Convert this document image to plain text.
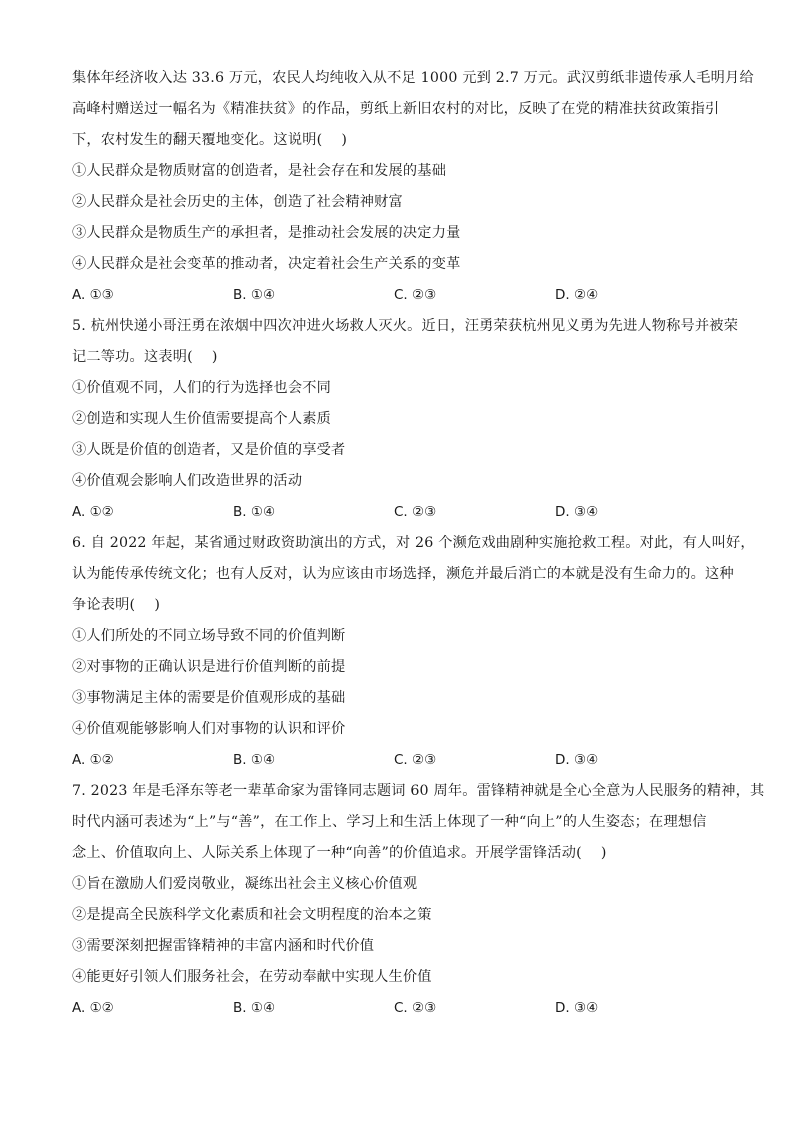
集体年经济收入达 33.6 万元，农民人均纯收入从不足 1000 元到 2.7 万元。武汉剪纸非遗传承人毛明月给

高峰村赠送过一幅名为《精准扶贫》的作品，剪纸上新旧农村的对比，反映了在党的精准扶贫政策指引

下，农村发生的翻天覆地变化。这说明(　 )

①人民群众是物质财富的创造者，是社会存在和发展的基础

②人民群众是社会历史的主体，创造了社会精神财富

③人民群众是物质生产的承担者，是推动社会发展的决定力量

④人民群众是社会变革的推动者，决定着社会生产关系的变革

A. ①③	B. ①④	C. ②③	D. ②④

5. 杭州快递小哥汪勇在浓烟中四次冲进火场救人灭火。近日，汪勇荣获杭州见义勇为先进人物称号并被荣

记二等功。这表明(　 )

①价值观不同，人们的行为选择也会不同

②创造和实现人生价值需要提高个人素质

③人既是价值的创造者，又是价值的享受者

④价值观会影响人们改造世界的活动

A. ①②	B. ①④	C. ②③	D. ③④

6. 自 2022 年起，某省通过财政资助演出的方式，对 26 个濒危戏曲剧种实施抢救工程。对此，有人叫好，

认为能传承传统文化；也有人反对，认为应该由市场选择，濒危并最后消亡的本就是没有生命力的。这种

争论表明(　 )

①人们所处的不同立场导致不同的价值判断

②对事物的正确认识是进行价值判断的前提

③事物满足主体的需要是价值观形成的基础

④价值观能够影响人们对事物的认识和评价

A. ①②	B. ①④	C. ②③	D. ③④

7. 2023 年是毛泽东等老一辈革命家为雷锋同志题词 60 周年。雷锋精神就是全心全意为人民服务的精神，其

时代内涵可表述为“上”与“善”，在工作上、学习上和生活上体现了一种“向上”的人生姿态；在理想信

念上、价值取向上、人际关系上体现了一种“向善”的价值追求。开展学雷锋活动(　 )

①旨在激励人们爱岗敬业，凝练出社会主义核心价值观

②是提高全民族科学文化素质和社会文明程度的治本之策

③需要深刻把握雷锋精神的丰富内涵和时代价值

④能更好引领人们服务社会，在劳动奉献中实现人生价值

A. ①②	B. ①④	C. ②③	D. ③④
